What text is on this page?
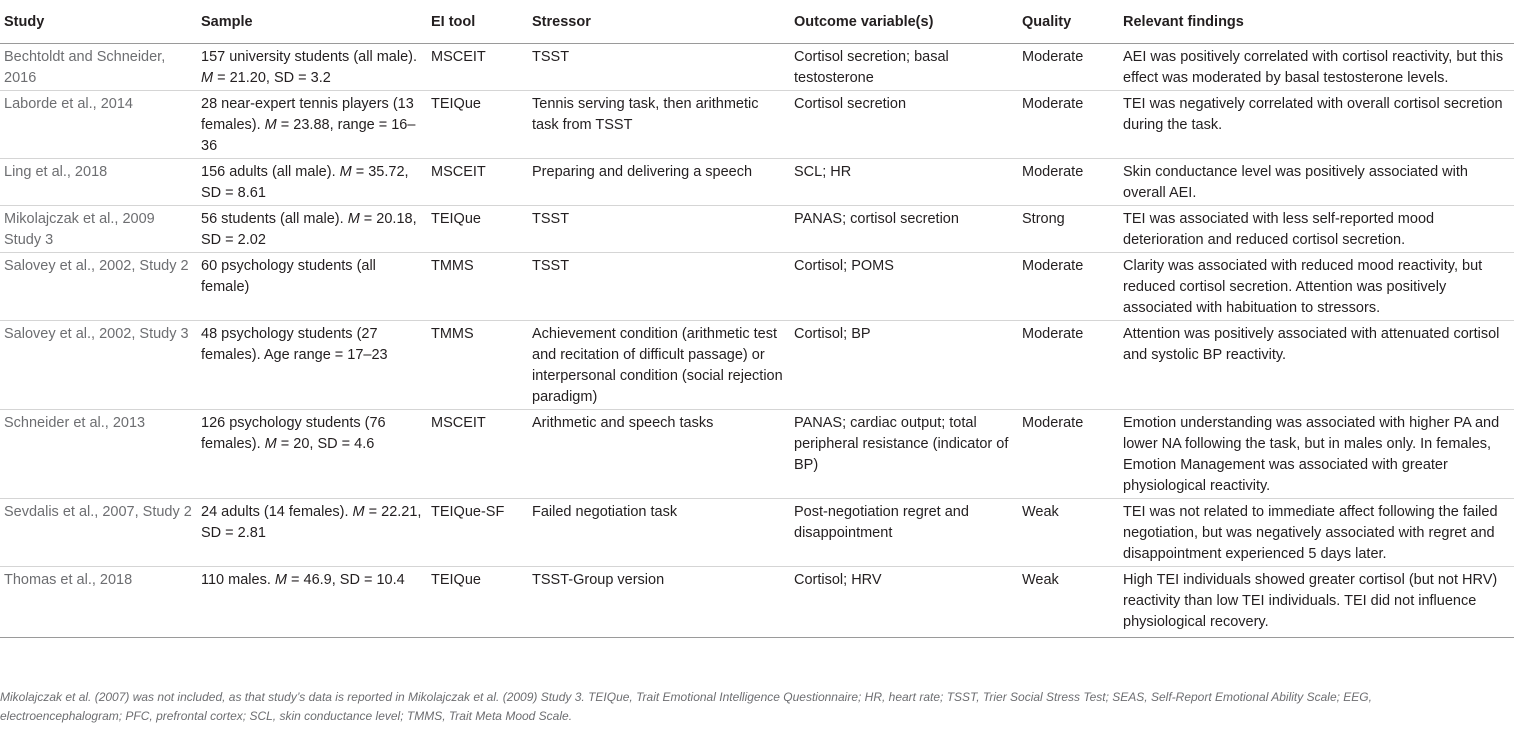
Study	Sample	EI tool	Stressor	Outcome variable(s)	Quality	Relevant findings
Bechtoldt and Schneider, 2016	157 university students (all male). M = 21.20, SD = 3.2	MSCEIT	TSST	Cortisol secretion; basal testosterone	Moderate	AEI was positively correlated with cortisol reactivity, but this effect was moderated by basal testosterone levels.
Laborde et al., 2014	28 near-expert tennis players (13 females). M = 23.88, range = 16–36	TEIQue	Tennis serving task, then arithmetic task from TSST	Cortisol secretion	Moderate	TEI was negatively correlated with overall cortisol secretion during the task.
Ling et al., 2018	156 adults (all male). M = 35.72, SD = 8.61	MSCEIT	Preparing and delivering a speech	SCL; HR	Moderate	Skin conductance level was positively associated with overall AEI.
Mikolajczak et al., 2009 Study 3	56 students (all male). M = 20.18, SD = 2.02	TEIQue	TSST	PANAS; cortisol secretion	Strong	TEI was associated with less self-reported mood deterioration and reduced cortisol secretion.
Salovey et al., 2002, Study 2	60 psychology students (all female)	TMMS	TSST	Cortisol; POMS	Moderate	Clarity was associated with reduced mood reactivity, but reduced cortisol secretion. Attention was positively associated with habituation to stressors.
Salovey et al., 2002, Study 3	48 psychology students (27 females). Age range = 17–23	TMMS	Achievement condition (arithmetic test and recitation of difficult passage) or interpersonal condition (social rejection paradigm)	Cortisol; BP	Moderate	Attention was positively associated with attenuated cortisol and systolic BP reactivity.
Schneider et al., 2013	126 psychology students (76 females). M = 20, SD = 4.6	MSCEIT	Arithmetic and speech tasks	PANAS; cardiac output; total peripheral resistance (indicator of BP)	Moderate	Emotion understanding was associated with higher PA and lower NA following the task, but in males only. In females, Emotion Management was associated with greater physiological reactivity.
Sevdalis et al., 2007, Study 2	24 adults (14 females). M = 22.21, SD = 2.81	TEIQue-SF	Failed negotiation task	Post-negotiation regret and disappointment	Weak	TEI was not related to immediate affect following the failed negotiation, but was negatively associated with regret and disappointment experienced 5 days later.
Thomas et al., 2018	110 males. M = 46.9, SD = 10.4	TEIQue	TSST-Group version	Cortisol; HRV	Weak	High TEI individuals showed greater cortisol (but not HRV) reactivity than low TEI individuals. TEI did not influence physiological recovery.
Mikolajczak et al. (2007) was not included, as that study’s data is reported in Mikolajczak et al. (2009) Study 3. TEIQue, Trait Emotional Intelligence Questionnaire; HR, heart rate; TSST, Trier Social Stress Test; SEAS, Self-Report Emotional Ability Scale; EEG, electroencephalogram; PFC, prefrontal cortex; SCL, skin conductance level; TMMS, Trait Meta Mood Scale.
